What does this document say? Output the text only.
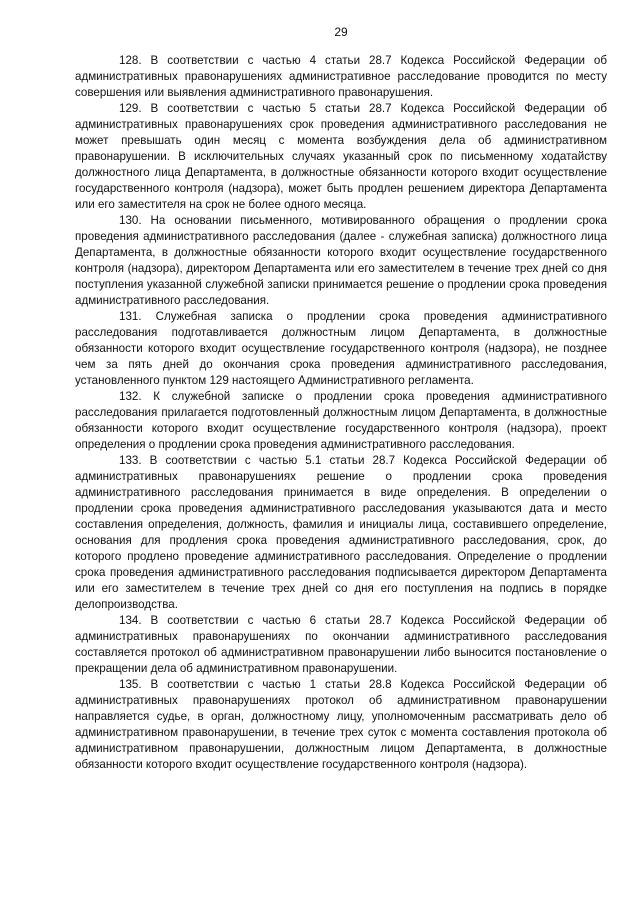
29

128. В соответствии с частью 4 статьи 28.7 Кодекса Российской Федерации об административных правонарушениях административное расследование проводится по месту совершения или выявления административного правонарушения.

129. В соответствии с частью 5 статьи 28.7 Кодекса Российской Федерации об административных правонарушениях срок проведения административного расследования не может превышать один месяц с момента возбуждения дела об административном правонарушении. В исключительных случаях указанный срок по письменному ходатайству должностного лица Департамента, в должностные обязанности которого входит осуществление государственного контроля (надзора), может быть продлен решением директора Департамента или его заместителя на срок не более одного месяца.

130. На основании письменного, мотивированного обращения о продлении срока проведения административного расследования (далее - служебная записка) должностного лица Департамента, в должностные обязанности которого входит осуществление государственного контроля (надзора), директором Департамента или его заместителем в течение трех дней со дня поступления указанной служебной записки принимается решение о продлении срока проведения административного расследования.

131. Служебная записка о продлении срока проведения административного расследования подготавливается должностным лицом Департамента, в должностные обязанности которого входит осуществление государственного контроля (надзора), не позднее чем за пять дней до окончания срока проведения административного расследования, установленного пунктом 129 настоящего Административного регламента.

132. К служебной записке о продлении срока проведения административного расследования прилагается подготовленный должностным лицом Департамента, в должностные обязанности которого входит осуществление государственного контроля (надзора), проект определения о продлении срока проведения административного расследования.

133. В соответствии с частью 5.1 статьи 28.7 Кодекса Российской Федерации об административных правонарушениях решение о продлении срока проведения административного расследования принимается в виде определения. В определении о продлении срока проведения административного расследования указываются дата и место составления определения, должность, фамилия и инициалы лица, составившего определение, основания для продления срока проведения административного расследования, срок, до которого продлено проведение административного расследования. Определение о продлении срока проведения административного расследования подписывается директором Департамента или его заместителем в течение трех дней со дня его поступления на подпись в порядке делопроизводства.

134. В соответствии с частью 6 статьи 28.7 Кодекса Российской Федерации об административных правонарушениях по окончании административного расследования составляется протокол об административном правонарушении либо выносится постановление о прекращении дела об административном правонарушении.

135. В соответствии с частью 1 статьи 28.8 Кодекса Российской Федерации об административных правонарушениях протокол об административном правонарушении направляется судье, в орган, должностному лицу, уполномоченным рассматривать дело об административном правонарушении, в течение трех суток с момента составления протокола об административном правонарушении, должностным лицом Департамента, в должностные обязанности которого входит осуществление государственного контроля (надзора).
